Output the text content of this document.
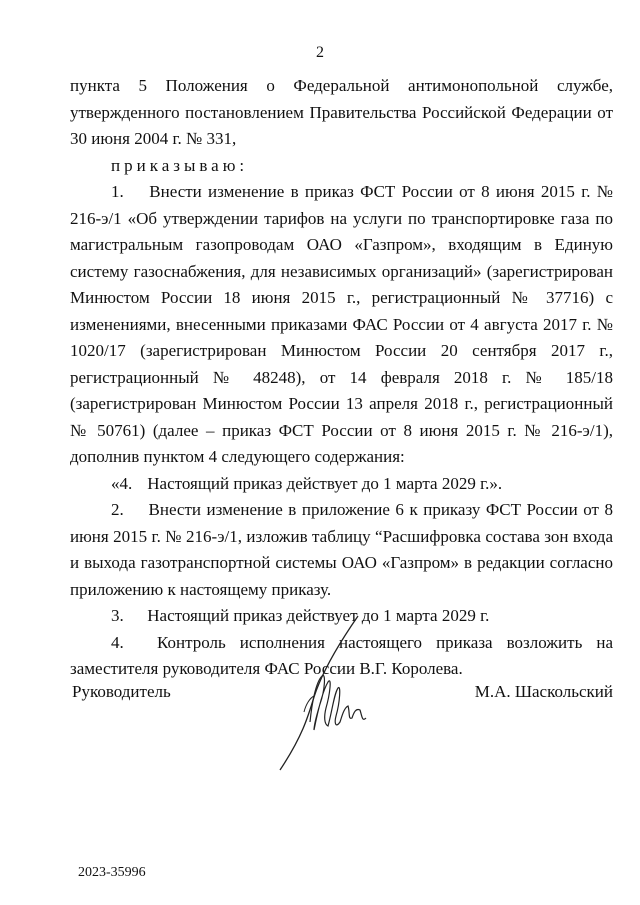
2

пункта 5 Положения о Федеральной антимонопольной службе, утвержденного постановлением Правительства Российской Федерации от 30 июня 2004 г. № 331,

приказываю:

1. Внести изменение в приказ ФСТ России от 8 июня 2015 г. № 216-э/1 «Об утверждении тарифов на услуги по транспортировке газа по магистральным газопроводам ОАО «Газпром», входящим в Единую систему газоснабжения, для независимых организаций» (зарегистрирован Минюстом России 18 июня 2015 г., регистрационный № 37716) с изменениями, внесенными приказами ФАС России от 4 августа 2017 г. № 1020/17 (зарегистрирован Минюстом России 20 сентября 2017 г., регистрационный № 48248), от 14 февраля 2018 г. № 185/18 (зарегистрирован Минюстом России 13 апреля 2018 г., регистрационный № 50761) (далее – приказ ФСТ России от 8 июня 2015 г. № 216-э/1), дополнив пунктом 4 следующего содержания:

«4. Настоящий приказ действует до 1 марта 2029 г.».

2. Внести изменение в приложение 6 к приказу ФСТ России от 8 июня 2015 г. № 216-э/1, изложив таблицу “Расшифровка состава зон входа и выхода газотранспортной системы ОАО «Газпром» в редакции согласно приложению к настоящему приказу.

3. Настоящий приказ действует до 1 марта 2029 г.

4. Контроль исполнения настоящего приказа возложить на заместителя руководителя ФАС России В.Г. Королева.

Руководитель	М.А. Шаскольский
2023-35996
